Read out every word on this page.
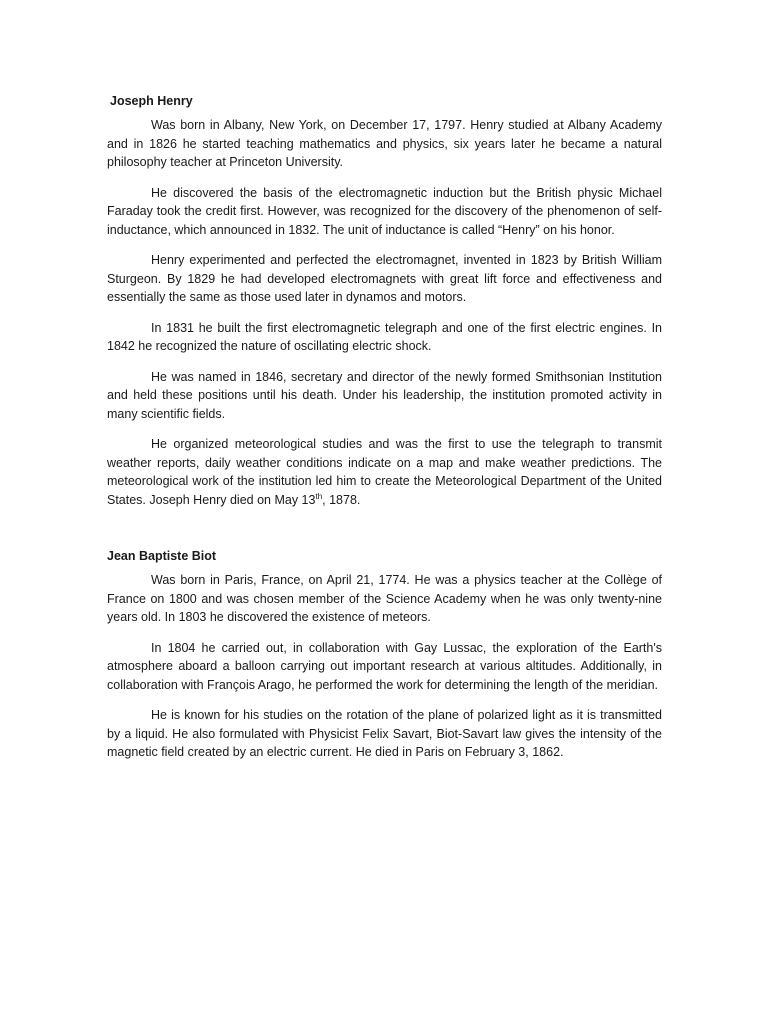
Joseph Henry

Was born in Albany, New York, on December 17, 1797. Henry studied at Albany Academy and in 1826 he started teaching mathematics and physics, six years later he became a natural philosophy teacher at Princeton University.

He discovered the basis of the electromagnetic induction but the British physic Michael Faraday took the credit first. However, was recognized for the discovery of the phenomenon of self-inductance, which announced in 1832. The unit of inductance is called “Henry” on his honor.

Henry experimented and perfected the electromagnet, invented in 1823 by British William Sturgeon. By 1829 he had developed electromagnets with great lift force and effectiveness and essentially the same as those used later in dynamos and motors.

In 1831 he built the first electromagnetic telegraph and one of the first electric engines. In 1842 he recognized the nature of oscillating electric shock.

He was named in 1846, secretary and director of the newly formed Smithsonian Institution and held these positions until his death. Under his leadership, the institution promoted activity in many scientific fields.

He organized meteorological studies and was the first to use the telegraph to transmit weather reports, daily weather conditions indicate on a map and make weather predictions. The meteorological work of the institution led him to create the Meteorological Department of the United States. Joseph Henry died on May 13th, 1878.

Jean Baptiste Biot

Was born in Paris, France, on April 21, 1774. He was a physics teacher at the Collège of France on 1800 and was chosen member of the Science Academy when he was only twenty-nine years old. In 1803 he discovered the existence of meteors.

In 1804 he carried out, in collaboration with Gay Lussac, the exploration of the Earth's atmosphere aboard a balloon carrying out important research at various altitudes. Additionally, in collaboration with François Arago, he performed the work for determining the length of the meridian.

He is known for his studies on the rotation of the plane of polarized light as it is transmitted by a liquid. He also formulated with Physicist Felix Savart, Biot-Savart law gives the intensity of the magnetic field created by an electric current. He died in Paris on February 3, 1862.
